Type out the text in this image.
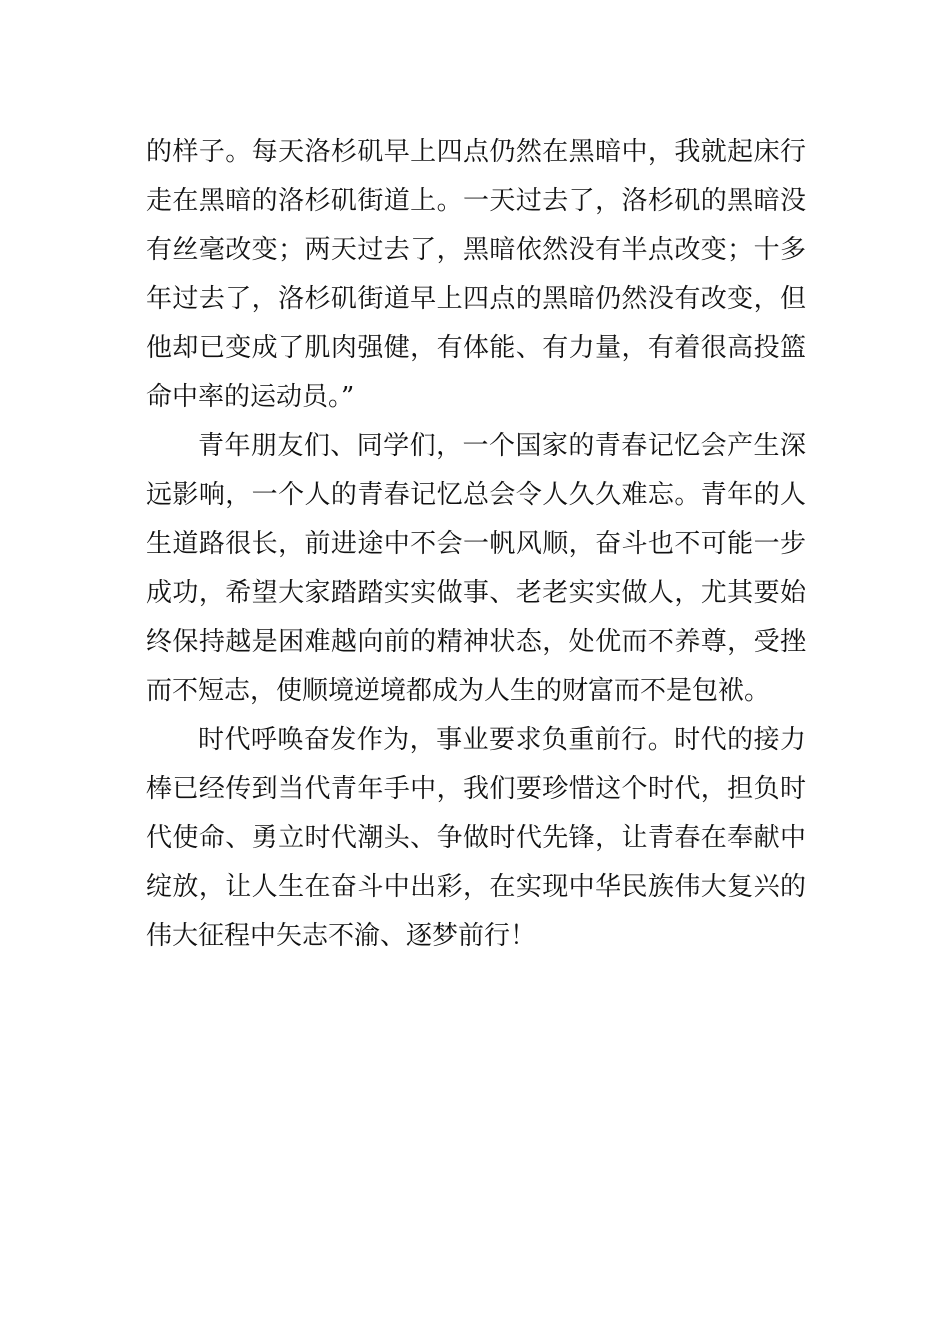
的样子。每天洛杉矶早上四点仍然在黑暗中，我就起床行
走在黑暗的洛杉矶街道上。一天过去了，洛杉矶的黑暗没
有丝毫改变；两天过去了，黑暗依然没有半点改变；十多
年过去了，洛杉矶街道早上四点的黑暗仍然没有改变，但
他却已变成了肌肉强健，有体能、有力量，有着很高投篮
命中率的运动员。”
青年朋友们、同学们，一个国家的青春记忆会产生深
远影响，一个人的青春记忆总会令人久久难忘。青年的人
生道路很长，前进途中不会一帆风顺，奋斗也不可能一步
成功，希望大家踏踏实实做事、老老实实做人，尤其要始
终保持越是困难越向前的精神状态，处优而不养尊，受挫
而不短志，使顺境逆境都成为人生的财富而不是包袱。
时代呼唤奋发作为，事业要求负重前行。时代的接力
棒已经传到当代青年手中，我们要珍惜这个时代，担负时
代使命、勇立时代潮头、争做时代先锋，让青春在奉献中
绽放，让人生在奋斗中出彩，在实现中华民族伟大复兴的
伟大征程中矢志不渝、逐梦前行！
